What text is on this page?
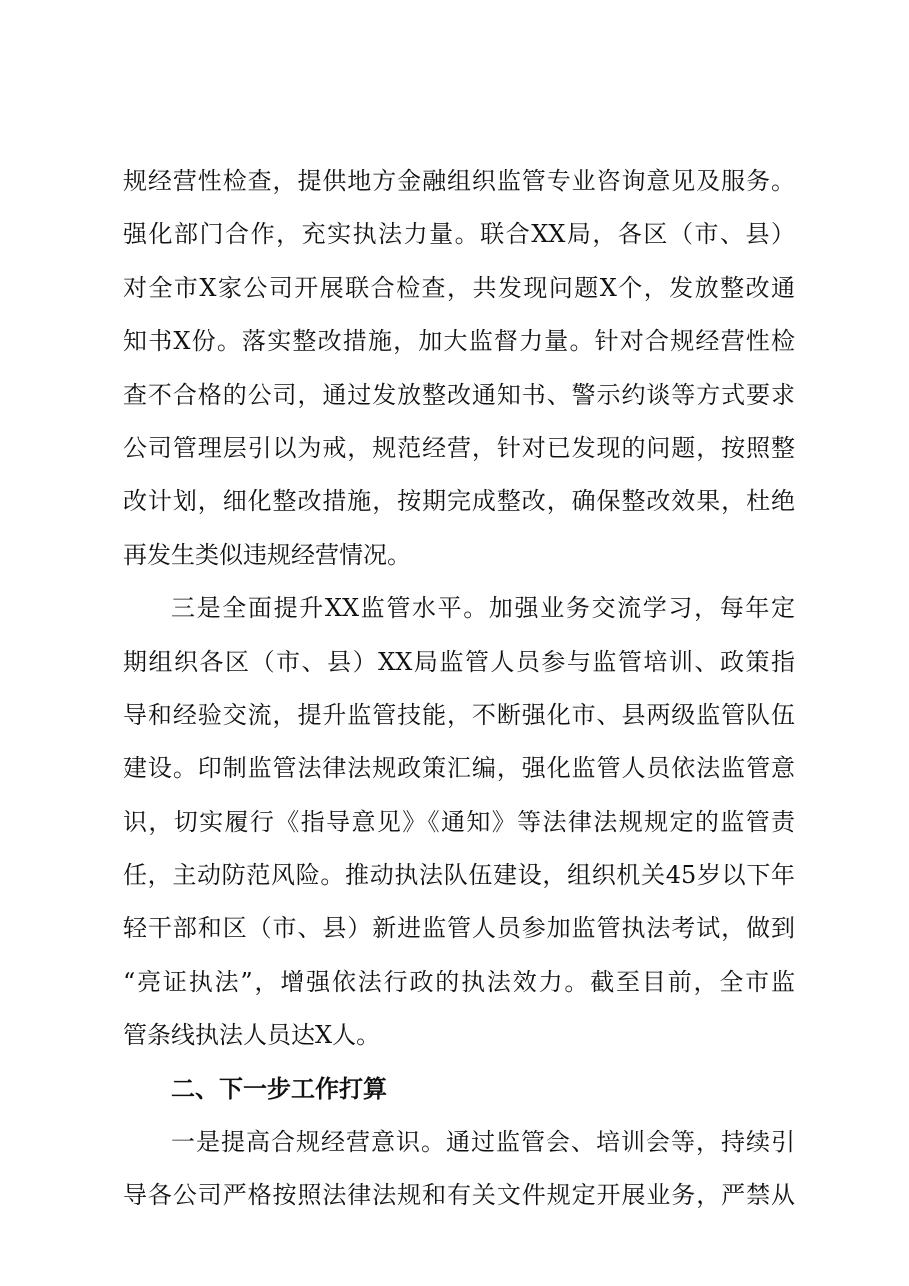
规经营性检查，提供地方金融组织监管专业咨询意见及服务。
强化部门合作，充实执法力量。联合XX局，各区（市、县）
对全市X家公司开展联合检查，共发现问题X个，发放整改通
知书X份。落实整改措施，加大监督力量。针对合规经营性检
查不合格的公司，通过发放整改通知书、警示约谈等方式要求
公司管理层引以为戒，规范经营，针对已发现的问题，按照整
改计划，细化整改措施，按期完成整改，确保整改效果，杜绝
再发生类似违规经营情况。
三是全面提升XX监管水平。加强业务交流学习，每年定
期组织各区（市、县）XX局监管人员参与监管培训、政策指
导和经验交流，提升监管技能，不断强化市、县两级监管队伍
建设。印制监管法律法规政策汇编，强化监管人员依法监管意
识，切实履行《指导意见》《通知》等法律法规规定的监管责
任，主动防范风险。推动执法队伍建设，组织机关45岁以下年
轻干部和区（市、县）新进监管人员参加监管执法考试，做到
“亮证执法”，增强依法行政的执法效力。截至目前，全市监
管条线执法人员达X人。
二、下一步工作打算
一是提高合规经营意识。通过监管会、培训会等，持续引
导各公司严格按照法律法规和有关文件规定开展业务，严禁从
